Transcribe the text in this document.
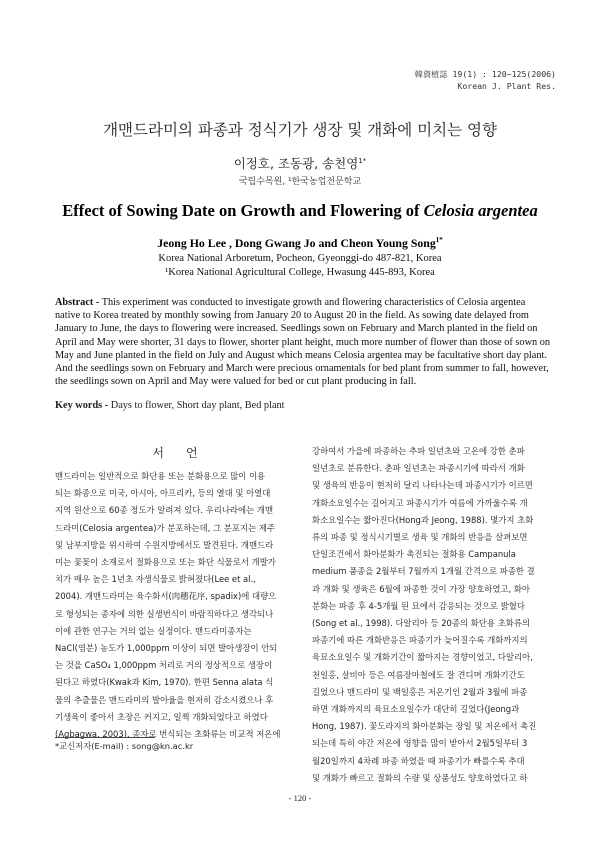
韓資植誌 19(1) : 120~125(2006)
Korean J. Plant Res.
개맨드라미의 파종과 정식기가 생장 및 개화에 미치는 영향
이정호, 조동광, 송천영$^{1*}$
국립수목원, ¹한국농업전문학교
Effect of Sowing Date on Growth and Flowering of Celosia argentea
Jeong Ho Lee , Dong Gwang Jo and Cheon Young Song$^{1*}$
Korea National Arboretum, Pocheon, Gyeonggi-do 487-821, Korea
¹Korea National Agricultural College, Hwasung 445-893, Korea
Abstract - This experiment was conducted to investigate growth and flowering characteristics of Celosia argentea
native to Korea treated by monthly sowing from January 20 to August 20 in the field. As sowing date delayed from
January to June, the days to flowering were increased. Seedlings sown on February and March planted in the field on
April and May were shorter, 31 days to flower, shorter plant height, much more number of flower than those of sown on
May and June planted in the field on July and August which means Celosia argentea may be facultative short day plant.
And the seedlings sown on February and March were precious ornamentals for bed plant from summer to fall, however,
the seedlings sown on April and May were valued for bed or cut plant producing in fall.
Key words - Days to flower, Short day plant, Bed plant
서언
맨드라미는 일반적으로 화단용 또는 분화용으로 많이 이용
되는 화종으로 미국, 아시아, 아프리카, 등의 열대 및 아열대
지역 원산으로 60종 정도가 알려져 있다. 우리나라에는 개맨
드라미(Celosia argentea)가 분포하는데, 그 분포지는 제주
및 남부지방을 위시하여 수원지방에서도 발견된다. 개맨드라
미는 꽃꽂이 소재로서 절화용으로 또는 화단 식물로서 개발가
치가 매우 높은 1년초 자생식물로 밝혀졌다(Lee et al.,
2004). 개맨드라미는 육수화서(肉穗花序, spadix)에 대량으
로 형성되는 종자에 의한 실생번식이 바람직하다고 생각되나
이에 관한 연구는 거의 없는 실정이다. 맨드라미종자는
NaCl(염분) 농도가 1,000ppm 이상이 되면 발아생장이 안되
는 것을 CaSO₄ 1,000ppm 처리로 거의 정상적으로 생장이
된다고 하였다(Kwak과 Kim, 1970). 한편 Senna alata 식
물의 추출물은 맨드라미의 발아율을 현저히 감소시켰으나 후
기생육이 좋아서 초장은 커지고, 일찍 개화되었다고 하였다
(Agbagwa, 2003). 종자로 번식되는 초화류는 비교적 저온에
강하여서 가을에 파종하는 추파 일년초와 고온에 강한 춘파
일년초로 분류한다. 춘파 일년초는 파종시기에 따라서 개화
및 생육의 반응이 현저히 달리 나타나는데 파종시기가 이르면
개화소요일수는 길어지고 파종시기가 여름에 가까울수록 개
화소요일수는 짧아진다(Hong과 Jeong, 1988). 몇가지 초화
류의 파종 및 정식시기별로 생육 및 개화의 반응을 살펴보면
단일조건에서 화아분화가 촉진되는 절화용 Campanula
medium 품종을 2월부터 7월까지 1개월 간격으로 파종한 결
과 개화 및 생육은 6월에 파종한 것이 가장 양호하였고, 화아
분화는 파종 후 4-5개월 된 묘에서 감응되는 것으로 밝혔다
(Song et al., 1998). 다알리아 등 20종의 화단용 초화류의
파종기에 따른 개화반응은 파종기가 늦어질수록 개화까지의
육묘소요일수 및 개화기간이 짧아지는 경향이었고, 다알리아,
천일홍, 살비아 등은 여름장마철에도 잘 견디며 개화기간도
길었으나 맨드라미 및 백일홍은 저온기인 2월과 3월에 파종
하면 개화까지의 육묘소요일수가 대단히 길었다(Jeong과
Hong, 1987). 꽃도라지의 화아분화는 장일 및 저온에서 촉진
되는데 특히 야간 저온에 영향을 많이 받아서 2월5일부터 3
월20일까지 4차례 파종 하였을 때 파종기가 빠를수록 추대
및 개화가 빠르고 절화의 수량 및 상품성도 양호하였다고 하
*교신저자(E-mail) : song@kn.ac.kr
- 120 -
